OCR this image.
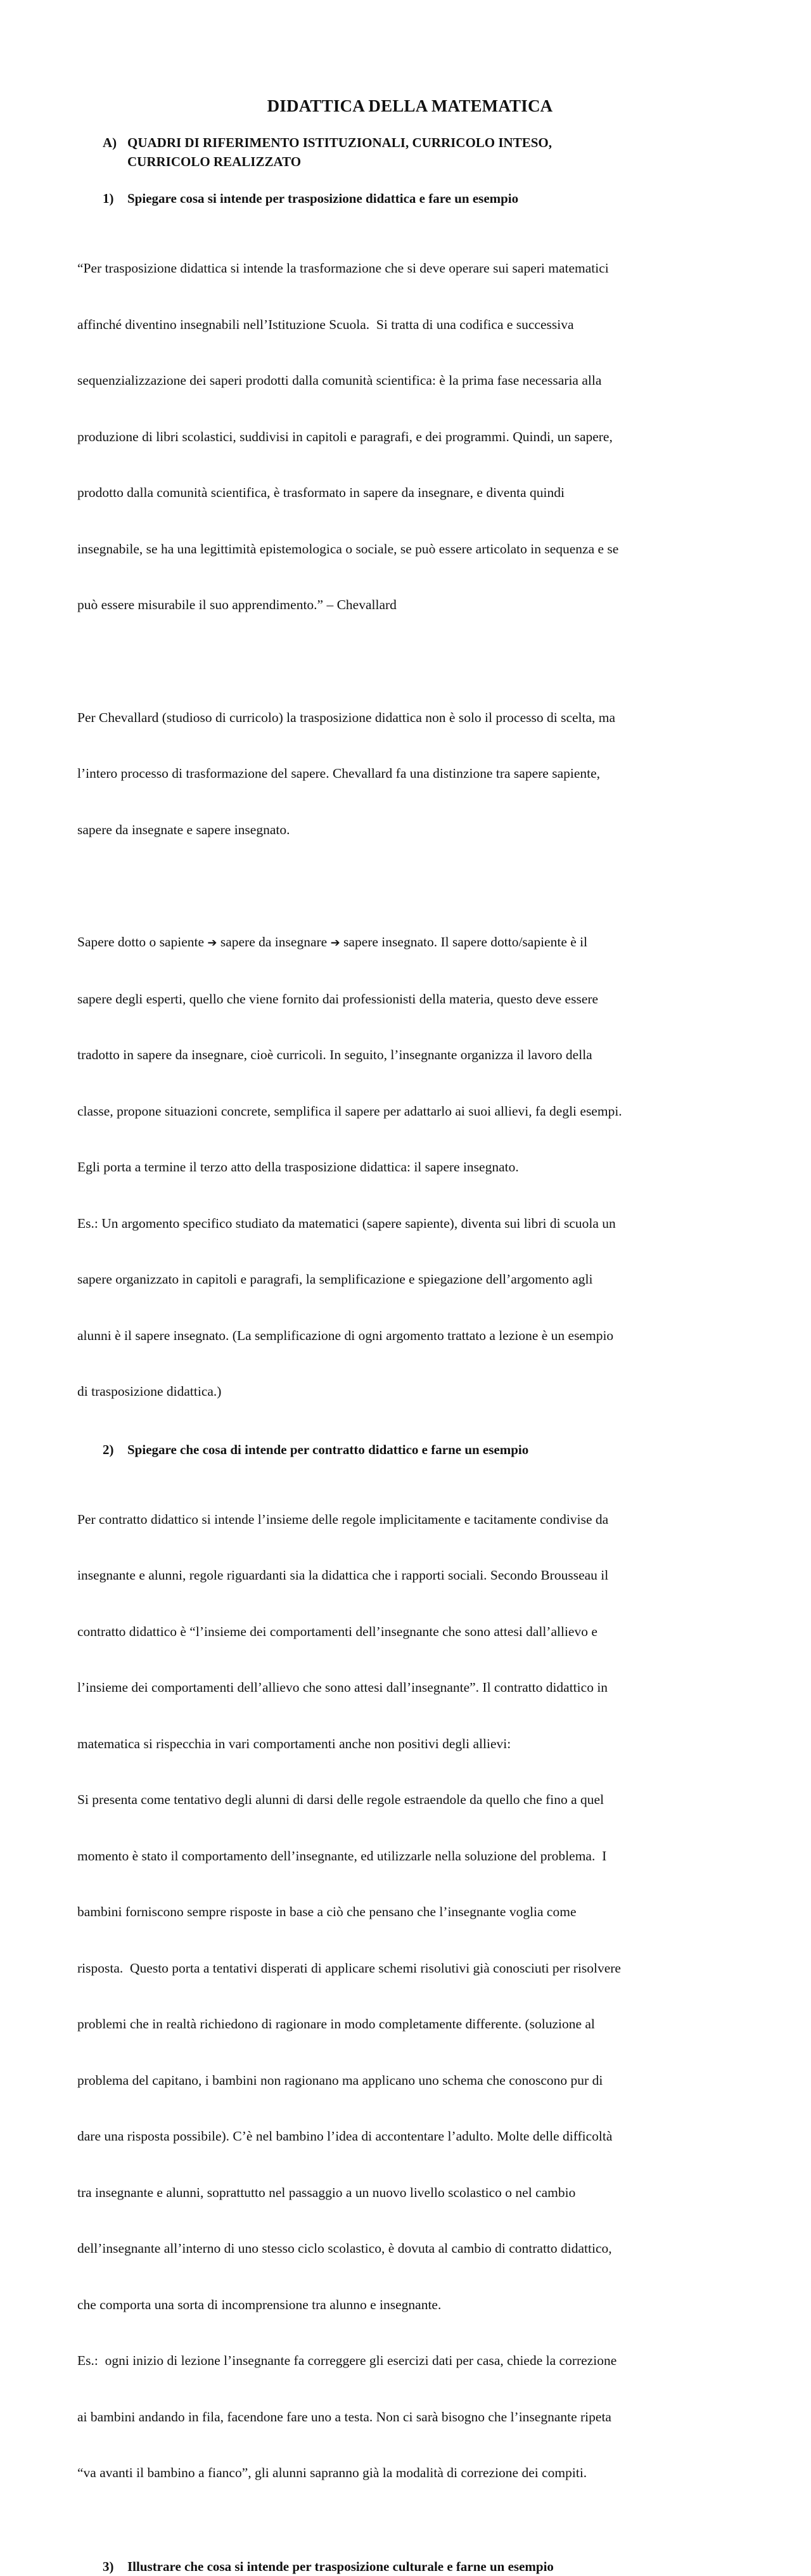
DIDATTICA DELLA MATEMATICA
A) QUADRI DI RIFERIMENTO ISTITUZIONALI, CURRICOLO INTESO,
CURRICOLO REALIZZATO
1) Spiegare cosa si intende per trasposizione didattica e fare un esempio

“Per trasposizione didattica si intende la trasformazione che si deve operare sui saperi matematici

affinché diventino insegnabili nell’Istituzione Scuola.  Si tratta di una codifica e successiva

sequenzializzazione dei saperi prodotti dalla comunità scientifica: è la prima fase necessaria alla

produzione di libri scolastici, suddivisi in capitoli e paragrafi, e dei programmi. Quindi, un sapere,

prodotto dalla comunità scientifica, è trasformato in sapere da insegnare, e diventa quindi

insegnabile, se ha una legittimità epistemologica o sociale, se può essere articolato in sequenza e se

può essere misurabile il suo apprendimento.” – Chevallard

Per Chevallard (studioso di curricolo) la trasposizione didattica non è solo il processo di scelta, ma

l’intero processo di trasformazione del sapere. Chevallard fa una distinzione tra sapere sapiente,

sapere da insegnate e sapere insegnato.

Sapere dotto o sapiente ➔ sapere da insegnare ➔ sapere insegnato. Il sapere dotto/sapiente è il

sapere degli esperti, quello che viene fornito dai professionisti della materia, questo deve essere

tradotto in sapere da insegnare, cioè curricoli. In seguito, l’insegnante organizza il lavoro della

classe, propone situazioni concrete, semplifica il sapere per adattarlo ai suoi allievi, fa degli esempi.

Egli porta a termine il terzo atto della trasposizione didattica: il sapere insegnato.

Es.: Un argomento specifico studiato da matematici (sapere sapiente), diventa sui libri di scuola un

sapere organizzato in capitoli e paragrafi, la semplificazione e spiegazione dell’argomento agli

alunni è il sapere insegnato. (La semplificazione di ogni argomento trattato a lezione è un esempio

di trasposizione didattica.)

2) Spiegare che cosa di intende per contratto didattico e farne un esempio

Per contratto didattico si intende l’insieme delle regole implicitamente e tacitamente condivise da

insegnante e alunni, regole riguardanti sia la didattica che i rapporti sociali. Secondo Brousseau il

contratto didattico è “l’insieme dei comportamenti dell’insegnante che sono attesi dall’allievo e

l’insieme dei comportamenti dell’allievo che sono attesi dall’insegnante”. Il contratto didattico in

matematica si rispecchia in vari comportamenti anche non positivi degli allievi:

Si presenta come tentativo degli alunni di darsi delle regole estraendole da quello che fino a quel

momento è stato il comportamento dell’insegnante, ed utilizzarle nella soluzione del problema.  I

bambini forniscono sempre risposte in base a ciò che pensano che l’insegnante voglia come

risposta.  Questo porta a tentativi disperati di applicare schemi risolutivi già conosciuti per risolvere

problemi che in realtà richiedono di ragionare in modo completamente differente. (soluzione al

problema del capitano, i bambini non ragionano ma applicano uno schema che conoscono pur di

dare una risposta possibile). C’è nel bambino l’idea di accontentare l’adulto. Molte delle difficoltà

tra insegnante e alunni, soprattutto nel passaggio a un nuovo livello scolastico o nel cambio

dell’insegnante all’interno di uno stesso ciclo scolastico, è dovuta al cambio di contratto didattico,

che comporta una sorta di incomprensione tra alunno e insegnante.

Es.:  ogni inizio di lezione l’insegnante fa correggere gli esercizi dati per casa, chiede la correzione

ai bambini andando in fila, facendone fare uno a testa. Non ci sarà bisogno che l’insegnante ripeta

“va avanti il bambino a fianco”, gli alunni sapranno già la modalità di correzione dei compiti.

3) Illustrare che cosa si intende per trasposizione culturale e farne un esempio
